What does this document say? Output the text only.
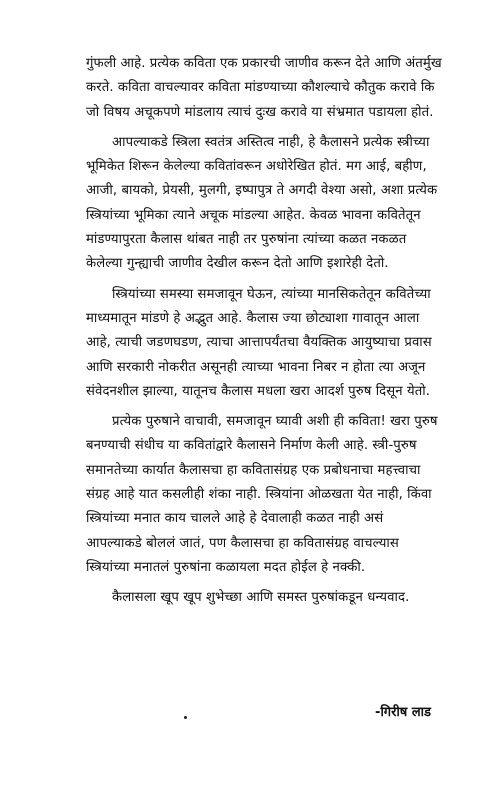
गुंफली आहे. प्रत्येक कविता एक प्रकारची जाणीव करून देते आणि अंतर्मुख करते. कविता वाचल्यावर कविता मांडण्याच्या कौशल्याचे कौतुक करावे कि जो विषय अचूकपणे मांडलाय त्याचं दुःख करावे या संभ्रमात पडायला होतं.

आपल्याकडे स्त्रिला स्वतंत्र अस्तित्व नाही, हे कैलासने प्रत्येक स्त्रीच्या भूमिकेत शिरून केलेल्या कवितांवरून अधोरेखित होतं. मग आई, बहीण, आजी, बायको, प्रेयसी, मुलगी, इष्पापुत्र ते अगदी वेश्या असो, अशा प्रत्येक स्त्रियांच्या भूमिका त्याने अचूक मांडल्या आहेत. केवळ भावना कवितेतून मांडण्यापुरता कैलास थांबत नाही तर पुरुषांना त्यांच्या कळत नकळत केलेल्या गुन्ह्याची जाणीव देखील करून देतो आणि इशारेही देतो.

स्त्रियांच्या समस्या समजावून घेऊन, त्यांच्या मानसिकतेतून कवितेच्या माध्यमातून मांडणे हे अद्भुत आहे. कैलास ज्या छोट्याशा गावातून आला आहे, त्याची जडणघडण, त्याचा आत्तापर्यंतचा वैयक्तिक आयुष्याचा प्रवास आणि सरकारी नोकरीत असूनही त्याच्या भावना निबर न होता त्या अजून संवेदनशील झाल्या, यातूनच कैलास मधला खरा आदर्श पुरुष दिसून येतो.

प्रत्येक पुरुषाने वाचावी, समजावून घ्यावी अशी ही कविता! खरा पुरुष बनण्याची संधीच या कवितांद्वारे कैलासने निर्माण केली आहे. स्त्री-पुरुष समानतेच्या कार्यात कैलासचा हा कवितासंग्रह एक प्रबोधनाचा महत्त्वाचा संग्रह आहे यात कसलीही शंका नाही. स्त्रियांना ओळखता येत नाही, किंवा स्त्रियांच्या मनात काय चालले आहे हे देवालाही कळत नाही असं आपल्याकडे बोललं जातं, पण कैलासचा हा कवितासंग्रह वाचल्यास स्त्रियांच्या मनातलं पुरुषांना कळायला मदत होईल हे नक्की.

कैलासला खूप खूप शुभेच्छा आणि समस्त पुरुषांकडून धन्यवाद.

-गिरीष लाड
